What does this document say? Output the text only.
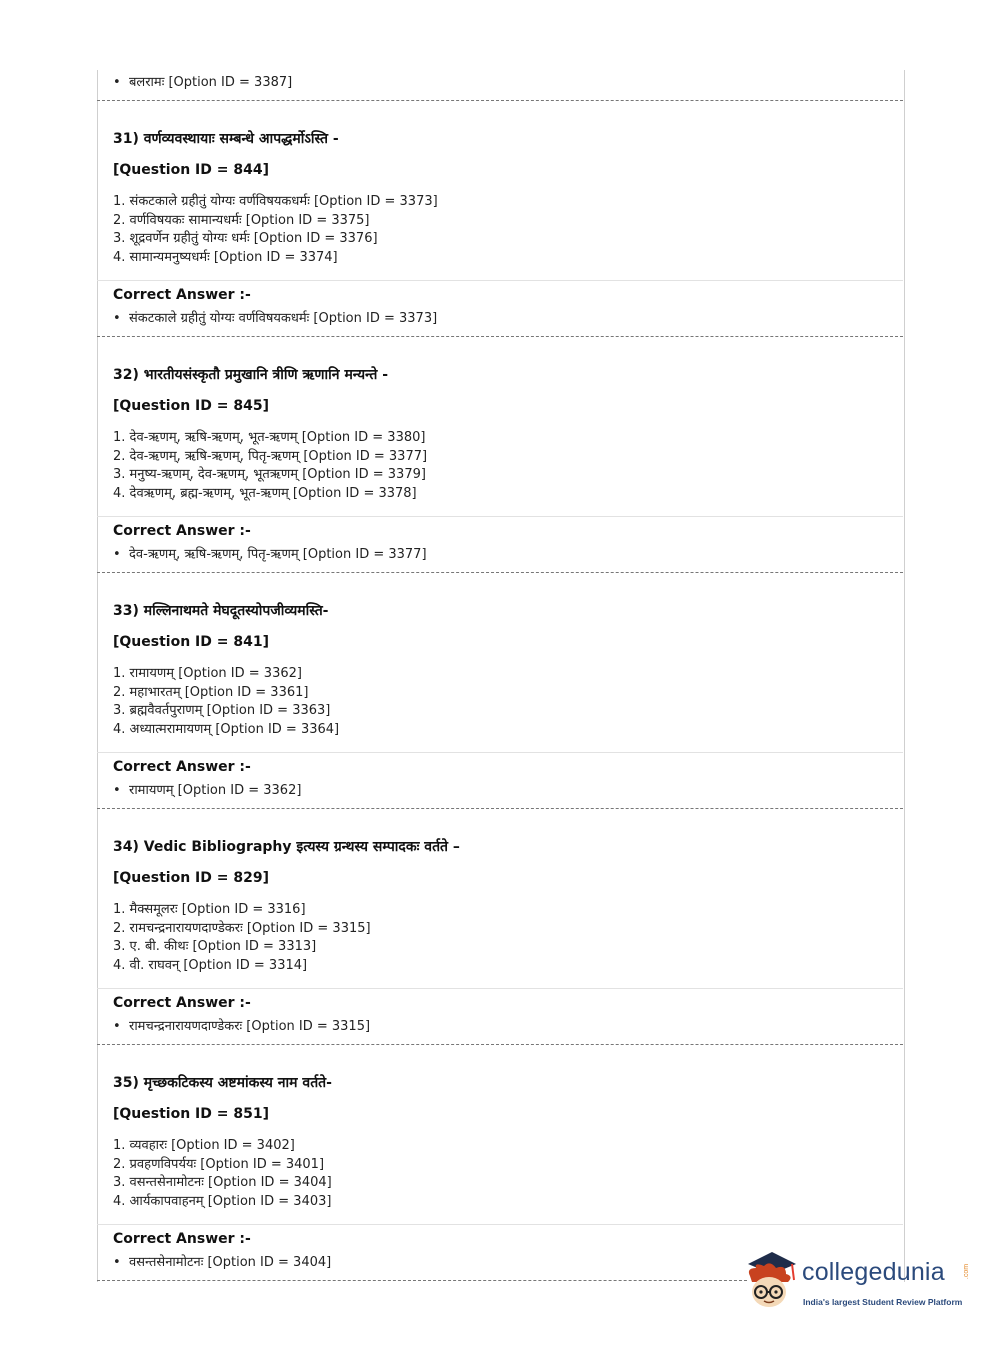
• बलरामः [Option ID = 3387]
31) वर्णव्यवस्थायाः सम्बन्धे आपद्धर्मोऽस्ति -
[Question ID = 844]
1. संकटकाले ग्रहीतुं योग्यः वर्णविषयकधर्मः [Option ID = 3373]
2. वर्णविषयकः सामान्यधर्मः [Option ID = 3375]
3. शूद्रवर्णेन ग्रहीतुं योग्यः धर्मः [Option ID = 3376]
4. सामान्यमनुष्यधर्मः [Option ID = 3374]
Correct Answer :-
• संकटकाले ग्रहीतुं योग्यः वर्णविषयकधर्मः [Option ID = 3373]
32) भारतीयसंस्कृतौ प्रमुखानि त्रीणि ऋणानि मन्यन्ते -
[Question ID = 845]
1. देव-ऋणम्, ऋषि-ऋणम्, भूत-ऋणम् [Option ID = 3380]
2. देव-ऋणम्, ऋषि-ऋणम्, पितृ-ऋणम् [Option ID = 3377]
3. मनुष्य-ऋणम्, देव-ऋणम्, भूतऋणम् [Option ID = 3379]
4. देवऋणम्, ब्रह्म-ऋणम्, भूत-ऋणम् [Option ID = 3378]
Correct Answer :-
• देव-ऋणम्, ऋषि-ऋणम्, पितृ-ऋणम् [Option ID = 3377]
33) मल्लिनाथमते मेघदूतस्योपजीव्यमस्ति-
[Question ID = 841]
1. रामायणम् [Option ID = 3362]
2. महाभारतम् [Option ID = 3361]
3. ब्रह्मवैवर्तपुराणम् [Option ID = 3363]
4. अध्यात्मरामायणम् [Option ID = 3364]
Correct Answer :-
• रामायणम् [Option ID = 3362]
34) Vedic Bibliography इत्यस्य ग्रन्थस्य सम्पादकः वर्तते –
[Question ID = 829]
1. मैक्समूलरः [Option ID = 3316]
2. रामचन्द्रनारायणदाण्डेकरः [Option ID = 3315]
3. ए. बी. कीथः [Option ID = 3313]
4. वी. राघवन् [Option ID = 3314]
Correct Answer :-
• रामचन्द्रनारायणदाण्डेकरः [Option ID = 3315]
35) मृच्छकटिकस्य अष्टमांकस्य नाम वर्तते-
[Question ID = 851]
1. व्यवहारः [Option ID = 3402]
2. प्रवहणविपर्ययः [Option ID = 3401]
3. वसन्तसेनामोटनः [Option ID = 3404]
4. आर्यकापवाहनम् [Option ID = 3403]
Correct Answer :-
• वसन्तसेनामोटनः [Option ID = 3404]	collegedunia	.com
India's largest Student Review Platform
